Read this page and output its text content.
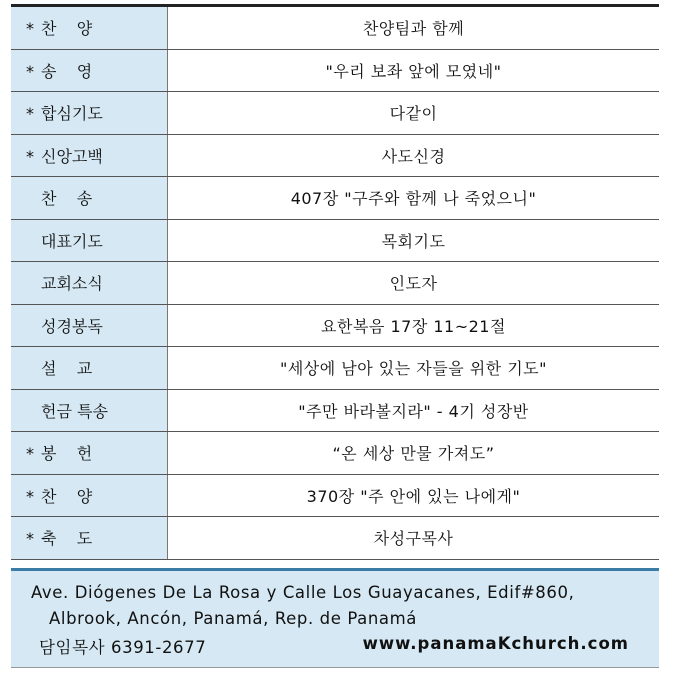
* 찬    양	찬양팀과 함께
* 송    영	"우리 보좌 앞에 모였네"
* 합심기도	다같이
* 신앙고백	사도신경
찬    송	407장 "구주와 함께 나 죽었으니"
대표기도	목회기도
교회소식	인도자
성경봉독	요한복음 17장 11~21절
설    교	"세상에 남아 있는 자들을 위한 기도"
헌금 특송	"주만 바라볼지라" - 4기 성장반
* 봉    헌	“온 세상 만물 가져도”
* 찬    양	370장 "주 안에 있는 나에게"
* 축    도	차성구목사
Ave. Diógenes De La Rosa y Calle Los Guayacanes, Edif#860,
Albrook, Ancón, Panamá, Rep. de Panamá
담임목사 6391-2677	www.panamaKchurch.com
